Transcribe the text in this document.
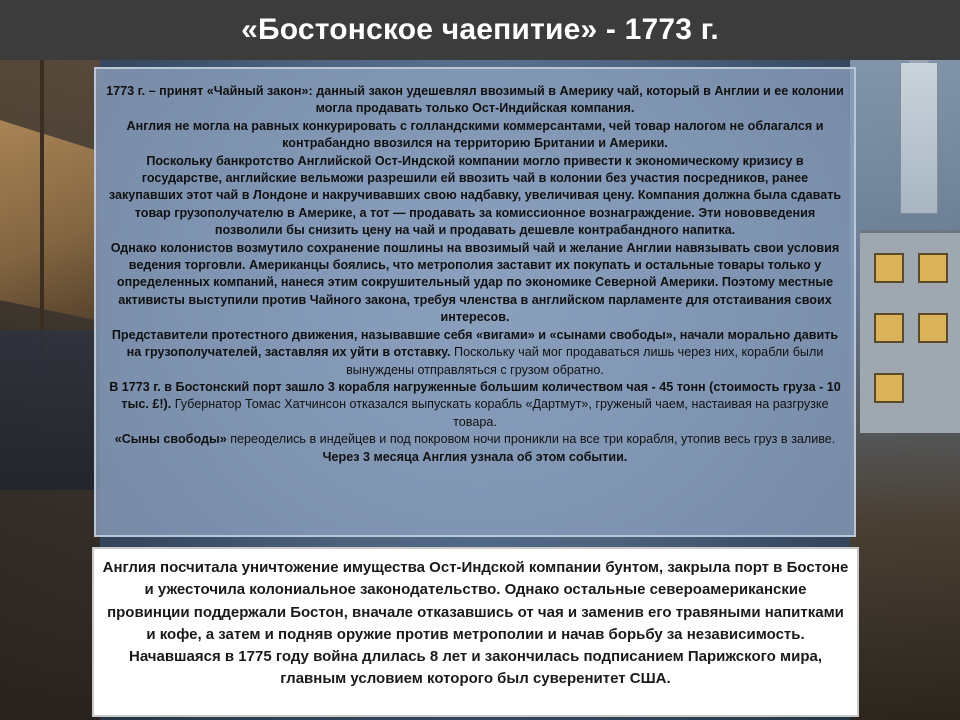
«Бостонское чаепитие» - 1773 г.

1773 г. – принят «Чайный закон»: данный закон удешевлял ввозимый в Америку чай, который в Англии и ее колонии могла продавать только Ост-Индийская компания.

Англия не могла на равных конкурировать с голландскими коммерсантами, чей товар налогом не облагался и контрабандно ввозился на территорию Британии и Америки.

Поскольку банкротство Английской Ост-Индской компании могло привести к экономическому кризису в государстве, английские вельможи разрешили ей ввозить чай в колонии без участия посредников, ранее закупавших этот чай в Лондоне и накручивавших свою надбавку, увеличивая цену. Компания должна была сдавать товар грузополучателю в Америке, а тот — продавать за комиссионное вознаграждение. Эти нововведения позволили бы снизить цену на чай и продавать дешевле контрабандного напитка.

Однако колонистов возмутило сохранение пошлины на ввозимый чай и желание Англии навязывать свои условия ведения торговли. Американцы боялись, что метрополия заставит их покупать и остальные товары только у определенных компаний, нанеся этим сокрушительный удар по экономике Северной Америки. Поэтому местные активисты выступили против Чайного закона, требуя членства в английском парламенте для отстаивания своих интересов.

Представители протестного движения, называвшие себя «вигами» и «сынами свободы», начали морально давить на грузополучателей, заставляя их уйти в отставку. Поскольку чай мог продаваться лишь через них, корабли были вынуждены отправляться с грузом обратно.

В 1773 г. в Бостонский порт зашло 3 корабля нагруженные большим количеством чая - 45 тонн (стоимость груза - 10 тыс. £!). Губернатор Томас Хатчинсон отказался выпускать корабль «Дартмут», груженый чаем, настаивая на разгрузке товара.

«Сыны свободы» переоделись в индейцев и под покровом ночи проникли на все три корабля, утопив весь груз в заливе.

Через 3 месяца Англия узнала об этом событии.

Англия посчитала уничтожение имущества Ост-Индской компании бунтом, закрыла порт в Бостоне и ужесточила колониальное законодательство. Однако остальные североамериканские провинции поддержали Бостон, вначале отказавшись от чая и заменив его травяными напитками и кофе, а затем и подняв оружие против метрополии и начав борьбу за независимость. Начавшаяся в 1775 году война длилась 8 лет и закончилась подписанием Парижского мира, главным условием которого был суверенитет США.
